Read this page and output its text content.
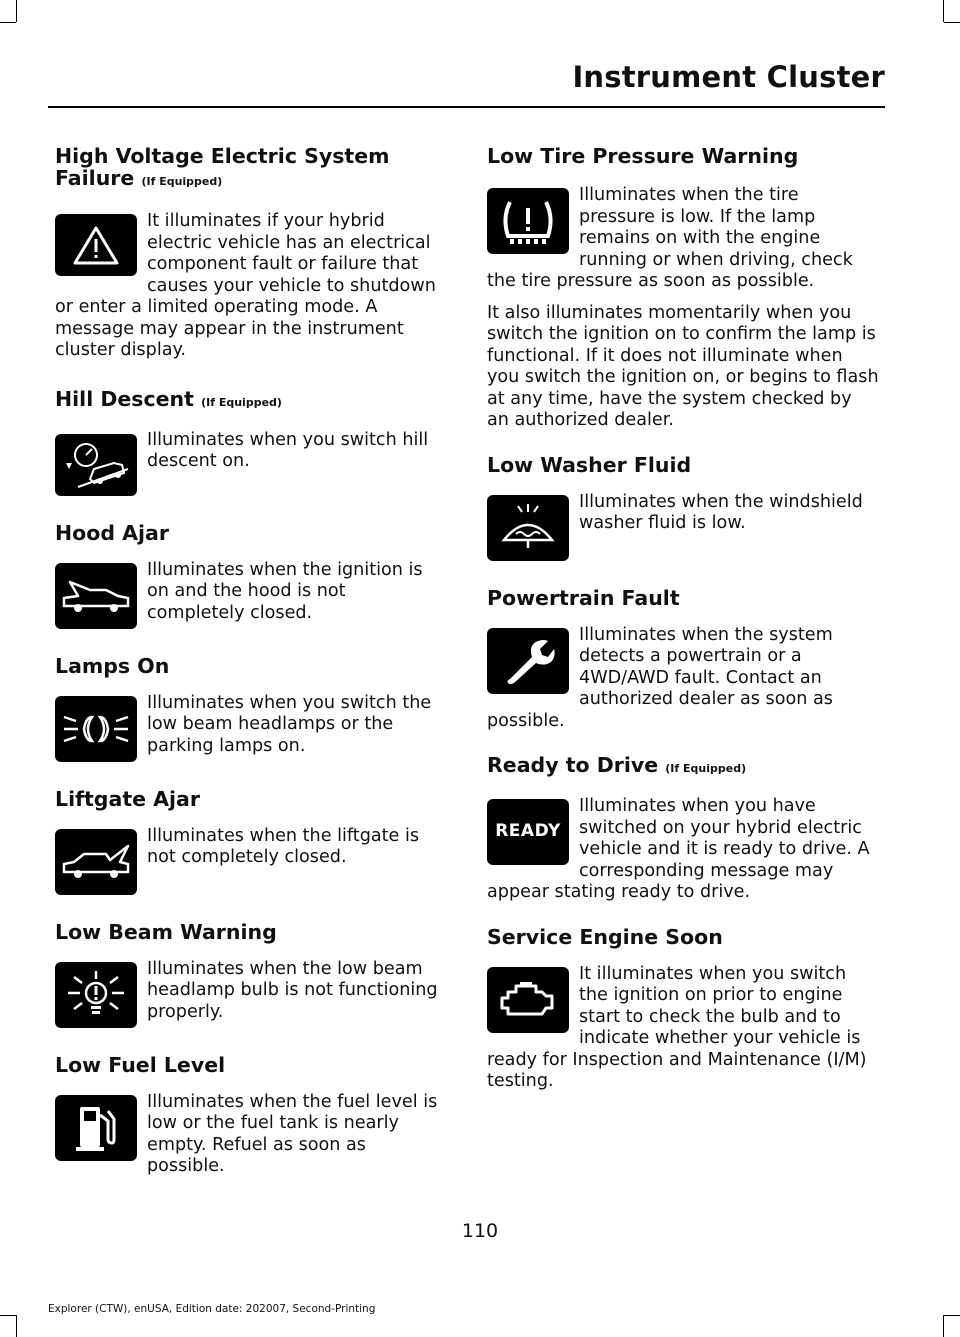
Instrument Cluster
High Voltage Electric System Failure (If Equipped)
It illuminates if your hybrid electric vehicle has an electrical component fault or failure that causes your vehicle to shutdown or enter a limited operating mode. A message may appear in the instrument cluster display.
Hill Descent (If Equipped)
Illuminates when you switch hill descent on.
Hood Ajar
Illuminates when the ignition is on and the hood is not completely closed.
Lamps On
Illuminates when you switch the low beam headlamps or the parking lamps on.
Liftgate Ajar
Illuminates when the liftgate is not completely closed.
Low Beam Warning
Illuminates when the low beam headlamp bulb is not functioning properly.
Low Fuel Level
Illuminates when the fuel level is low or the fuel tank is nearly empty. Refuel as soon as possible.
Low Tire Pressure Warning
Illuminates when the tire pressure is low. If the lamp remains on with the engine running or when driving, check the tire pressure as soon as possible.
It also illuminates momentarily when you switch the ignition on to confirm the lamp is functional. If it does not illuminate when you switch the ignition on, or begins to flash at any time, have the system checked by an authorized dealer.
Low Washer Fluid
Illuminates when the windshield washer fluid is low.
Powertrain Fault
Illuminates when the system detects a powertrain or a 4WD/AWD fault. Contact an authorized dealer as soon as possible.
Ready to Drive (If Equipped)
READY
Illuminates when you have switched on your hybrid electric vehicle and it is ready to drive. A corresponding message may appear stating ready to drive.
Service Engine Soon
It illuminates when you switch the ignition on prior to engine start to check the bulb and to indicate whether your vehicle is ready for Inspection and Maintenance (I/M) testing.
110
Explorer (CTW), enUSA, Edition date: 202007, Second-Printing
